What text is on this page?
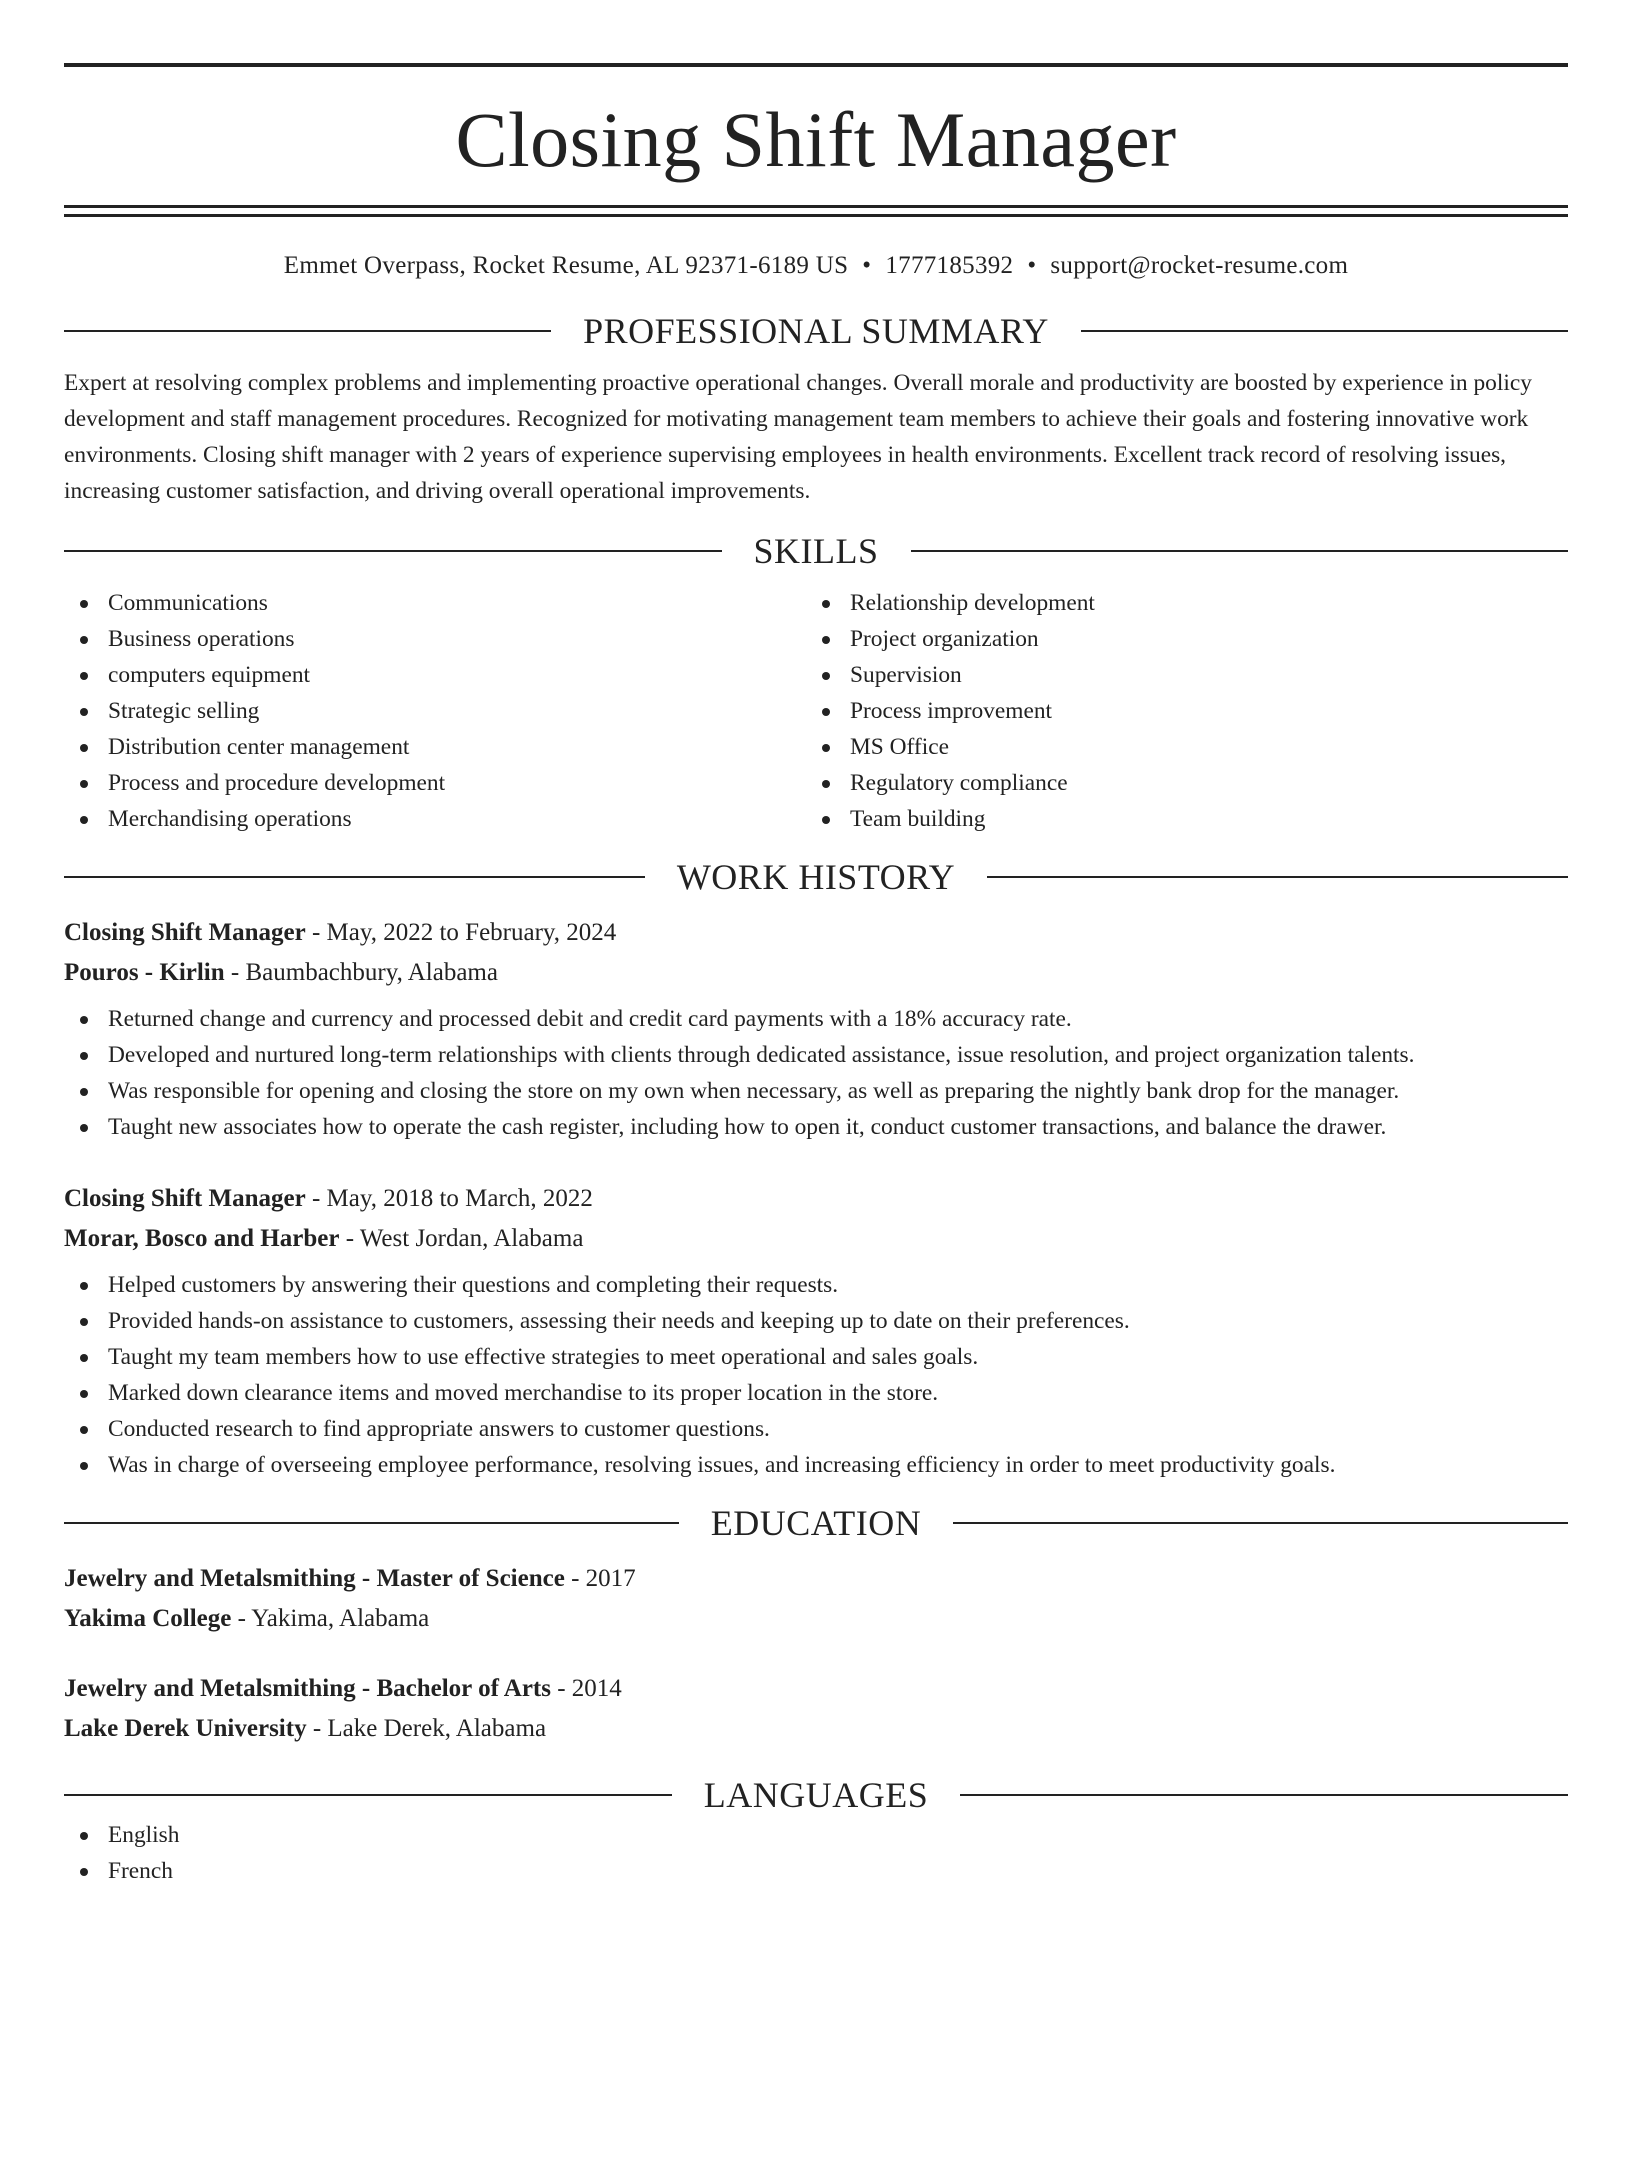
Closing Shift Manager
Emmet Overpass, Rocket Resume, AL 92371-6189 US • 1777185392 • support@rocket-resume.com
PROFESSIONAL SUMMARY
Expert at resolving complex problems and implementing proactive operational changes. Overall morale and productivity are boosted by experience in policy development and staff management procedures. Recognized for motivating management team members to achieve their goals and fostering innovative work environments. Closing shift manager with 2 years of experience supervising employees in health environments. Excellent track record of resolving issues, increasing customer satisfaction, and driving overall operational improvements.
SKILLS
Communications
Business operations
computers equipment
Strategic selling
Distribution center management
Process and procedure development
Merchandising operations
Relationship development
Project organization
Supervision
Process improvement
MS Office
Regulatory compliance
Team building
WORK HISTORY
Closing Shift Manager - May, 2022 to February, 2024
Pouros - Kirlin - Baumbachbury, Alabama
Returned change and currency and processed debit and credit card payments with a 18% accuracy rate.
Developed and nurtured long-term relationships with clients through dedicated assistance, issue resolution, and project organization talents.
Was responsible for opening and closing the store on my own when necessary, as well as preparing the nightly bank drop for the manager.
Taught new associates how to operate the cash register, including how to open it, conduct customer transactions, and balance the drawer.
Closing Shift Manager - May, 2018 to March, 2022
Morar, Bosco and Harber - West Jordan, Alabama
Helped customers by answering their questions and completing their requests.
Provided hands-on assistance to customers, assessing their needs and keeping up to date on their preferences.
Taught my team members how to use effective strategies to meet operational and sales goals.
Marked down clearance items and moved merchandise to its proper location in the store.
Conducted research to find appropriate answers to customer questions.
Was in charge of overseeing employee performance, resolving issues, and increasing efficiency in order to meet productivity goals.
EDUCATION
Jewelry and Metalsmithing - Master of Science - 2017
Yakima College - Yakima, Alabama
Jewelry and Metalsmithing - Bachelor of Arts - 2014
Lake Derek University - Lake Derek, Alabama
LANGUAGES
English
French
